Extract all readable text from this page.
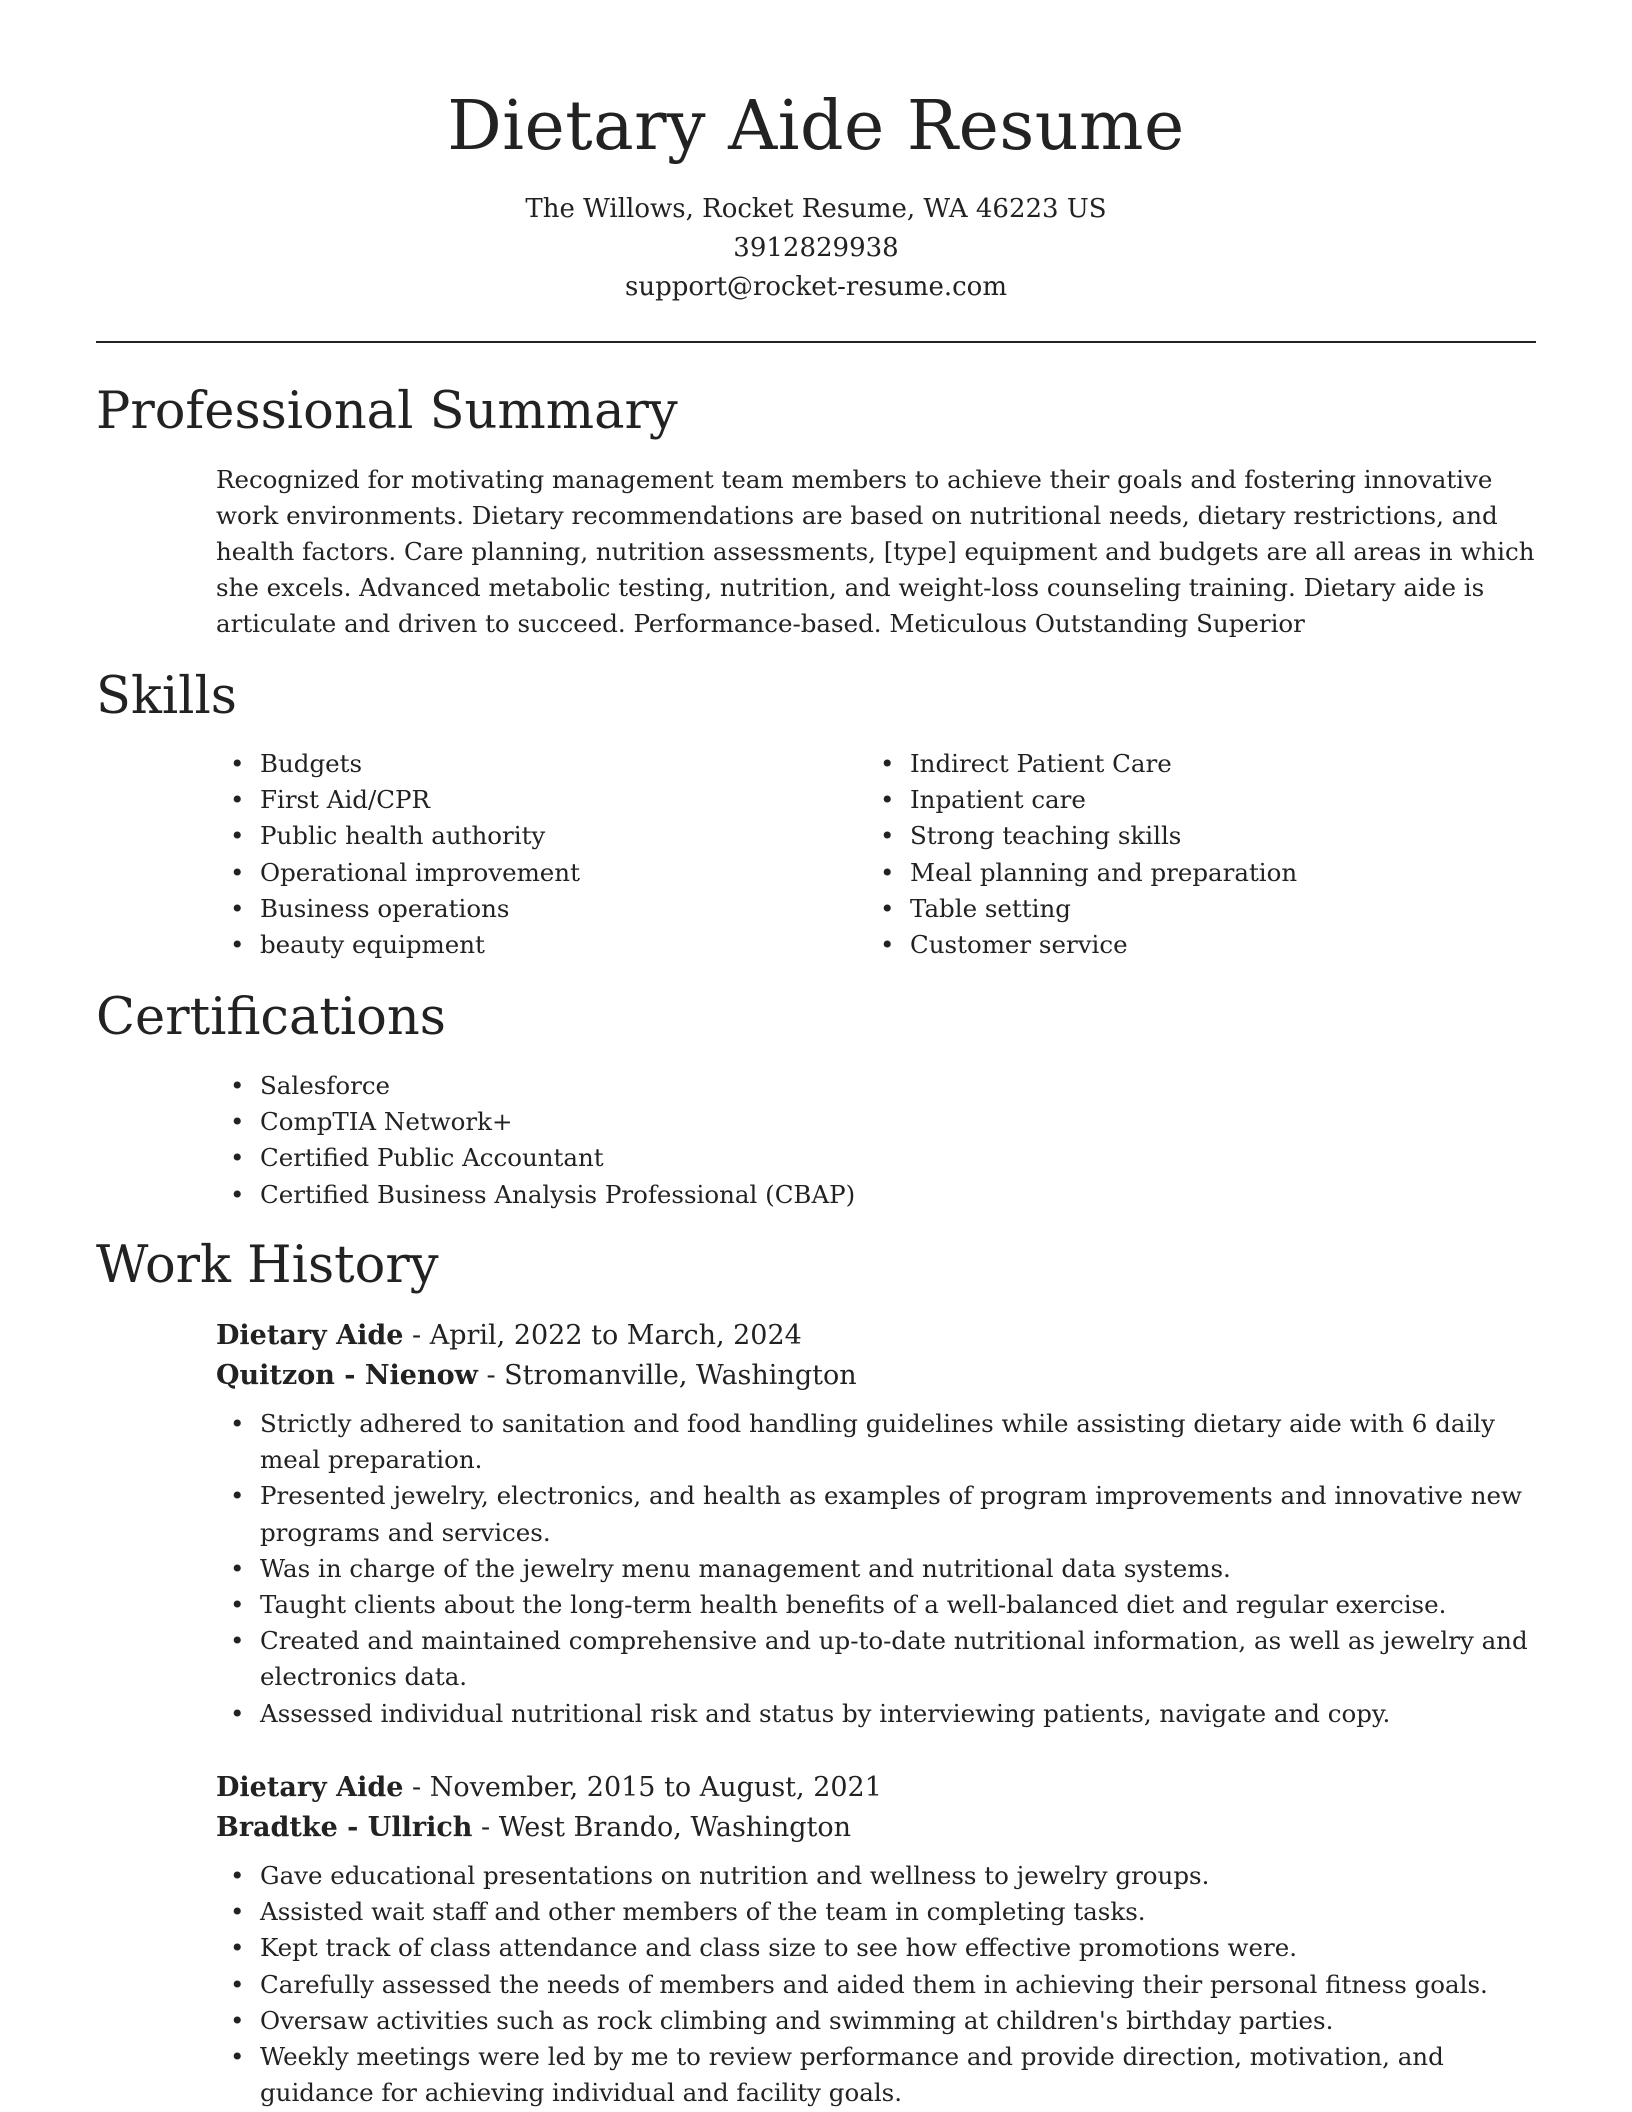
Dietary Aide Resume
The Willows, Rocket Resume, WA 46223 US
3912829938
support@rocket-resume.com
Professional Summary

Recognized for motivating management team members to achieve their goals and fostering innovative work environments. Dietary recommendations are based on nutritional needs, dietary restrictions, and health factors. Care planning, nutrition assessments, [type] equipment and budgets are all areas in which she excels. Advanced metabolic testing, nutrition, and weight-loss counseling training. Dietary aide is articulate and driven to succeed. Performance-based. Meticulous Outstanding Superior

Skills
• Budgets
• First Aid/CPR
• Public health authority
• Operational improvement
• Business operations
• beauty equipment
• Indirect Patient Care
• Inpatient care
• Strong teaching skills
• Meal planning and preparation
• Table setting
• Customer service
Certifications
• Salesforce
• CompTIA Network+
• Certified Public Accountant
• Certified Business Analysis Professional (CBAP)
Work History

Dietary Aide - April, 2022 to March, 2024

Quitzon - Nienow - Stromanville, Washington

• Strictly adhered to sanitation and food handling guidelines while assisting dietary aide with 6 daily meal preparation.
• Presented jewelry, electronics, and health as examples of program improvements and innovative new programs and services.
• Was in charge of the jewelry menu management and nutritional data systems.
• Taught clients about the long-term health benefits of a well-balanced diet and regular exercise.
• Created and maintained comprehensive and up-to-date nutritional information, as well as jewelry and electronics data.
• Assessed individual nutritional risk and status by interviewing patients, navigate and copy.

Dietary Aide - November, 2015 to August, 2021

Bradtke - Ullrich - West Brando, Washington

• Gave educational presentations on nutrition and wellness to jewelry groups.
• Assisted wait staff and other members of the team in completing tasks.
• Kept track of class attendance and class size to see how effective promotions were.
• Carefully assessed the needs of members and aided them in achieving their personal fitness goals.
• Oversaw activities such as rock climbing and swimming at children's birthday parties.
• Weekly meetings were led by me to review performance and provide direction, motivation, and guidance for achieving individual and facility goals.
